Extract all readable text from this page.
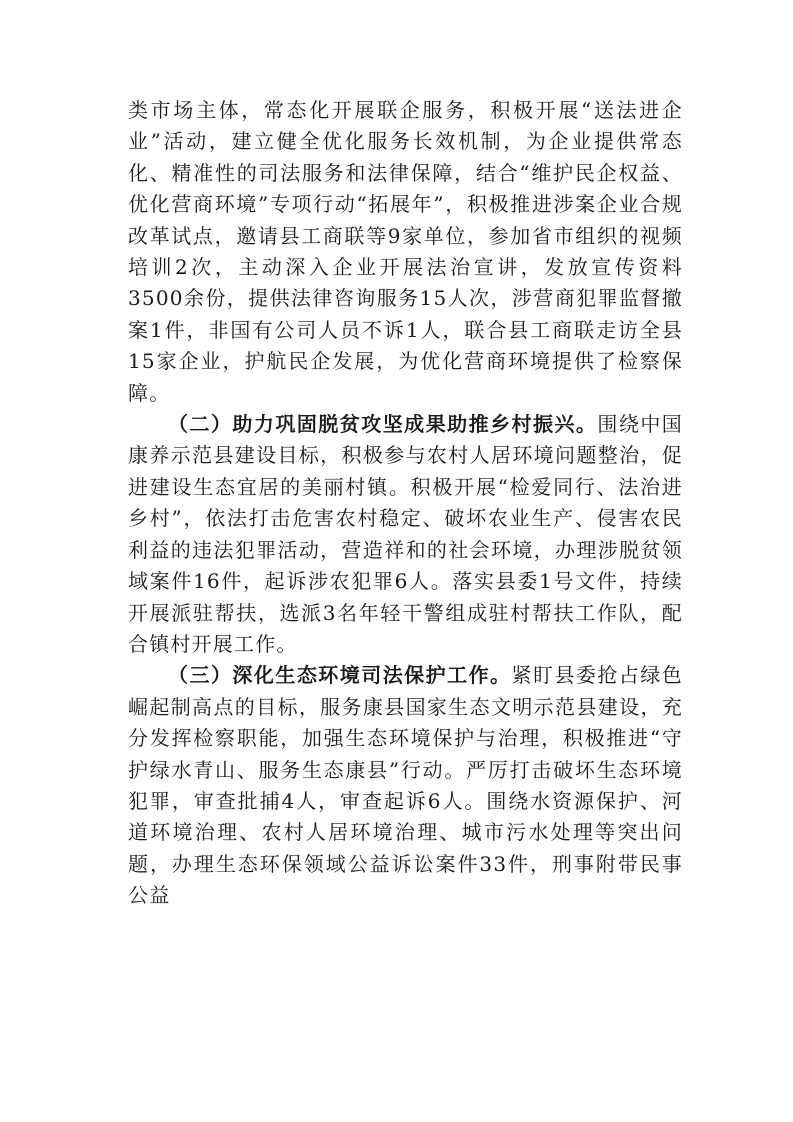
类市场主体，常态化开展联企服务，积极开展“送法进企业”活动，建立健全优化服务长效机制，为企业提供常态化、精准性的司法服务和法律保障，结合“维护民企权益、优化营商环境”专项行动“拓展年”，积极推进涉案企业合规改革试点，邀请县工商联等9家单位，参加省市组织的视频培训2次，主动深入企业开展法治宣讲，发放宣传资料3500余份，提供法律咨询服务15人次，涉营商犯罪监督撤案1件，非国有公司人员不诉1人，联合县工商联走访全县15家企业，护航民企发展，为优化营商环境提供了检察保障。

（二）助力巩固脱贫攻坚成果助推乡村振兴。围绕中国康养示范县建设目标，积极参与农村人居环境问题整治，促进建设生态宜居的美丽村镇。积极开展“检爱同行、法治进乡村”，依法打击危害农村稳定、破坏农业生产、侵害农民利益的违法犯罪活动，营造祥和的社会环境，办理涉脱贫领域案件16件，起诉涉农犯罪6人。落实县委1号文件，持续开展派驻帮扶，选派3名年轻干警组成驻村帮扶工作队，配合镇村开展工作。

（三）深化生态环境司法保护工作。紧盯县委抢占绿色崛起制高点的目标，服务康县国家生态文明示范县建设，充分发挥检察职能，加强生态环境保护与治理，积极推进“守护绿水青山、服务生态康县”行动。严厉打击破坏生态环境犯罪，审查批捕4人，审查起诉6人。围绕水资源保护、河道环境治理、农村人居环境治理、城市污水处理等突出问题，办理生态环保领域公益诉讼案件33件，刑事附带民事公益
